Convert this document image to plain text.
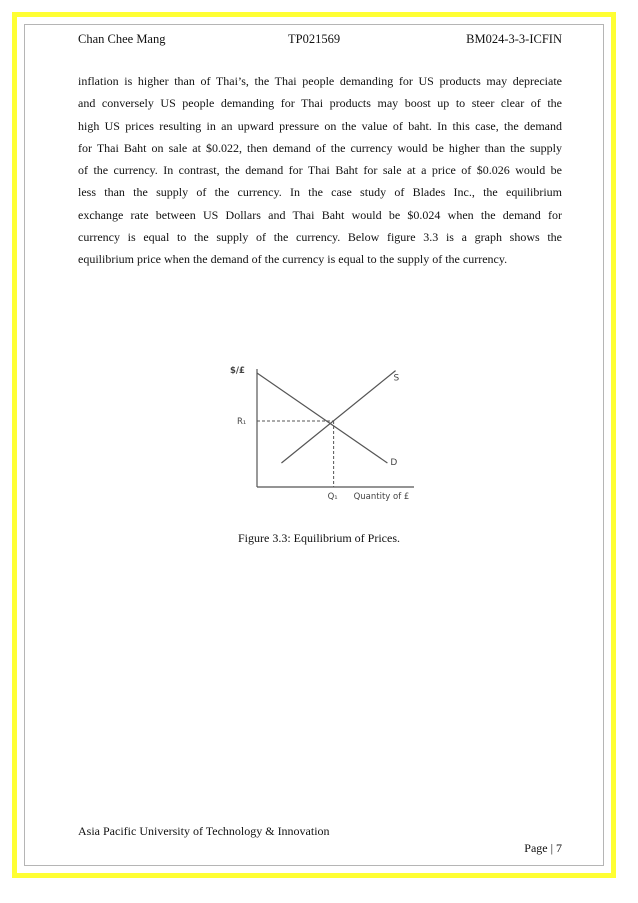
Chan Chee Mang	TP021569	BM024-3-3-ICFIN

inflation is higher than of Thai’s, the Thai people demanding for US products may depreciate
and conversely US people demanding for Thai products may boost up to steer clear of the
high US prices resulting in an upward pressure on the value of baht. In this case, the demand
for Thai Baht on sale at $0.022, then demand of the currency would be higher than the supply
of the currency. In contrast, the demand for Thai Baht for sale at a price of $0.026 would be
less than the supply of the currency. In the case study of Blades Inc., the equilibrium
exchange rate between US Dollars and Thai Baht would be $0.024 when the demand for
currency is equal to the supply of the currency. Below figure 3.3 is a graph shows the
equilibrium price when the demand of the currency is equal to the supply of the currency.

$/£
Quantity of £
R₁
Q₁
S
D
Figure 3.3: Equilibrium of Prices.
Asia Pacific University of Technology & Innovation
Page | 7
